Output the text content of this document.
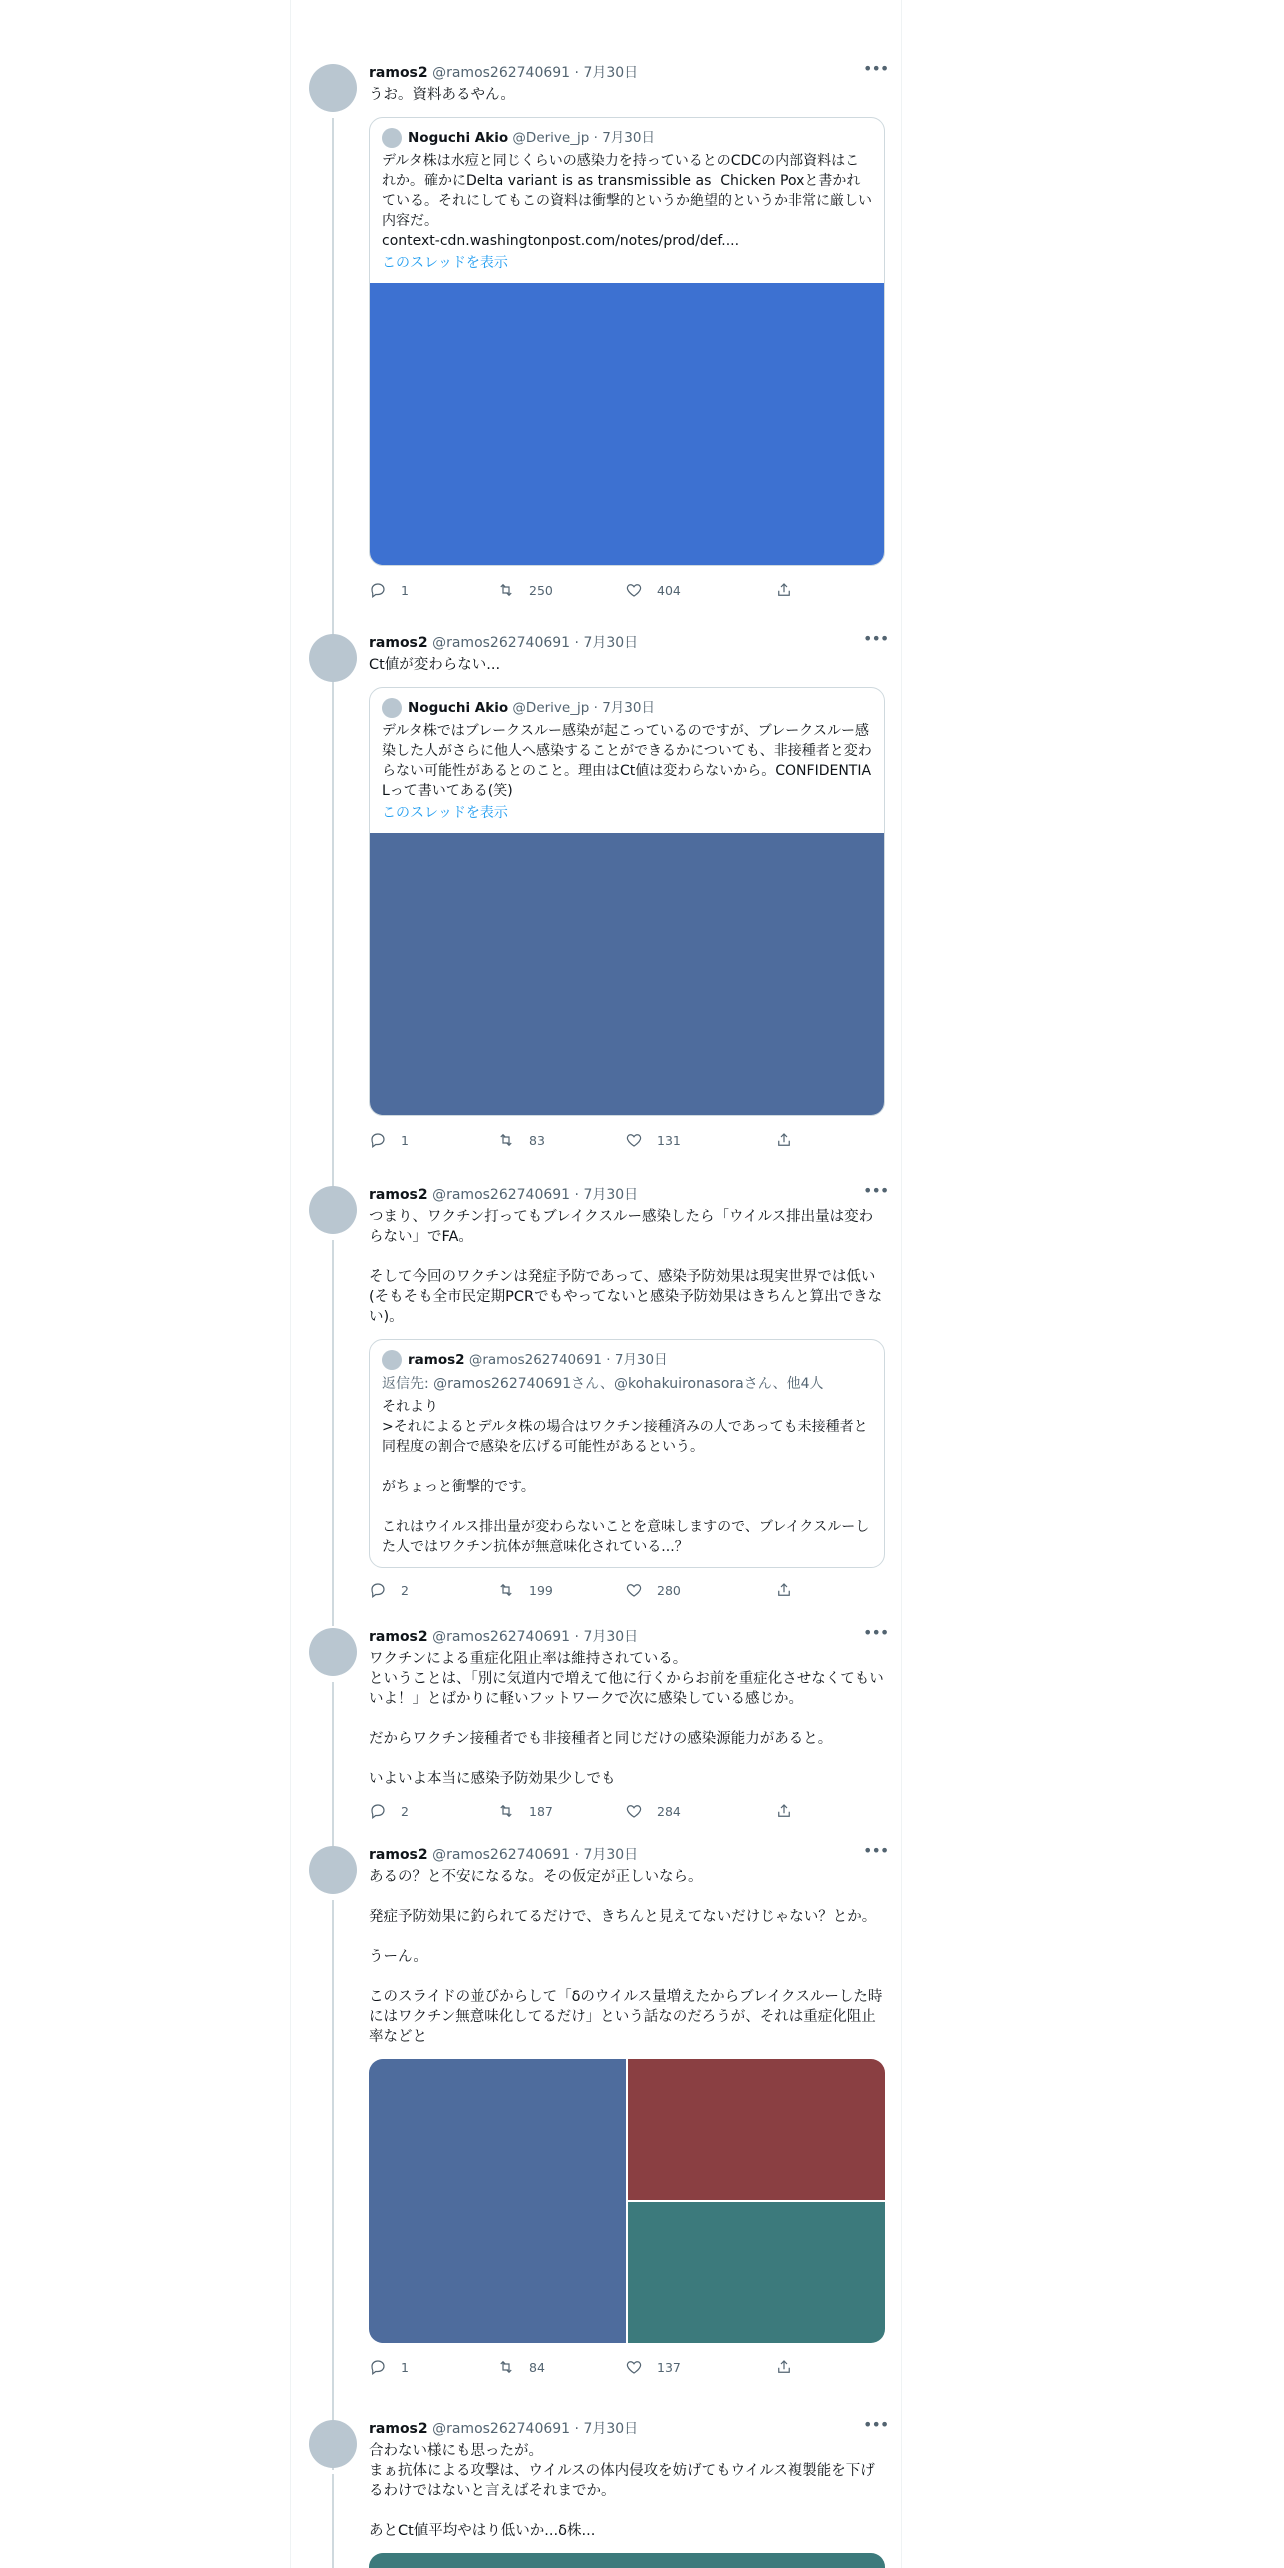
ramos2 @ramos262740691 · 7月30日	•••
うお。資料あるやん。
Noguchi Akio
@Derive_jp
·
7月30日
デルタ株は水痘と同じくらいの感染力を持っているとのCDCの内部資料はこれか。確かにDelta variant is as transmissible as  Chicken Poxと書かれている。それにしてもこの資料は衝撃的というか絶望的というか非常に厳しい内容だ。
context-cdn.washingtonpost.com/notes/prod/def....
このスレッドを表示
1	250	404
ramos2 @ramos262740691 · 7月30日	•••
Ct値が変わらない...
Noguchi Akio
@Derive_jp
·
7月30日
デルタ株ではブレークスルー感染が起こっているのですが、ブレークスルー感染した人がさらに他人へ感染することができるかについても、非接種者と変わらない可能性があるとのこと。理由はCt値は変わらないから。CONFIDENTIALって書いてある(笑)
このスレッドを表示
1	83	131
ramos2 @ramos262740691 · 7月30日	•••
つまり、ワクチン打ってもブレイクスルー感染したら「ウイルス排出量は変わらない」でFA。

そして今回のワクチンは発症予防であって、感染予防効果は現実世界では低い(そもそも全市民定期PCRでもやってないと感染予防効果はきちんと算出できない)。
ramos2
@ramos262740691
·
7月30日
返信先: @ramos262740691さん、@kohakuironasoraさん、他4人
それより
>それによるとデルタ株の場合はワクチン接種済みの人であっても未接種者と同程度の割合で感染を広げる可能性があるという。

がちょっと衝撃的です。

これはウイルス排出量が変わらないことを意味しますので、ブレイクスルーした人ではワクチン抗体が無意味化されている...？
2	199	280
ramos2 @ramos262740691 · 7月30日	•••
ワクチンによる重症化阻止率は維持されている。
ということは、「別に気道内で増えて他に行くからお前を重症化させなくてもいいよ！」とばかりに軽いフットワークで次に感染している感じか。

だからワクチン接種者でも非接種者と同じだけの感染源能力があると。

いよいよ本当に感染予防効果少しでも
2	187	284
ramos2 @ramos262740691 · 7月30日	•••
あるの？と不安になるな。その仮定が正しいなら。

発症予防効果に釣られてるだけで、きちんと見えてないだけじゃない？とか。

うーん。

このスライドの並びからして「δのウイルス量増えたからブレイクスルーした時にはワクチン無意味化してるだけ」という話なのだろうが、それは重症化阻止率などと
1	84	137
ramos2 @ramos262740691 · 7月30日	•••
合わない様にも思ったが。
まぁ抗体による攻撃は、ウイルスの体内侵攻を妨げてもウイルス複製能を下げるわけではないと言えばそれまでか。

あとCt値平均やはり低いか...δ株...
